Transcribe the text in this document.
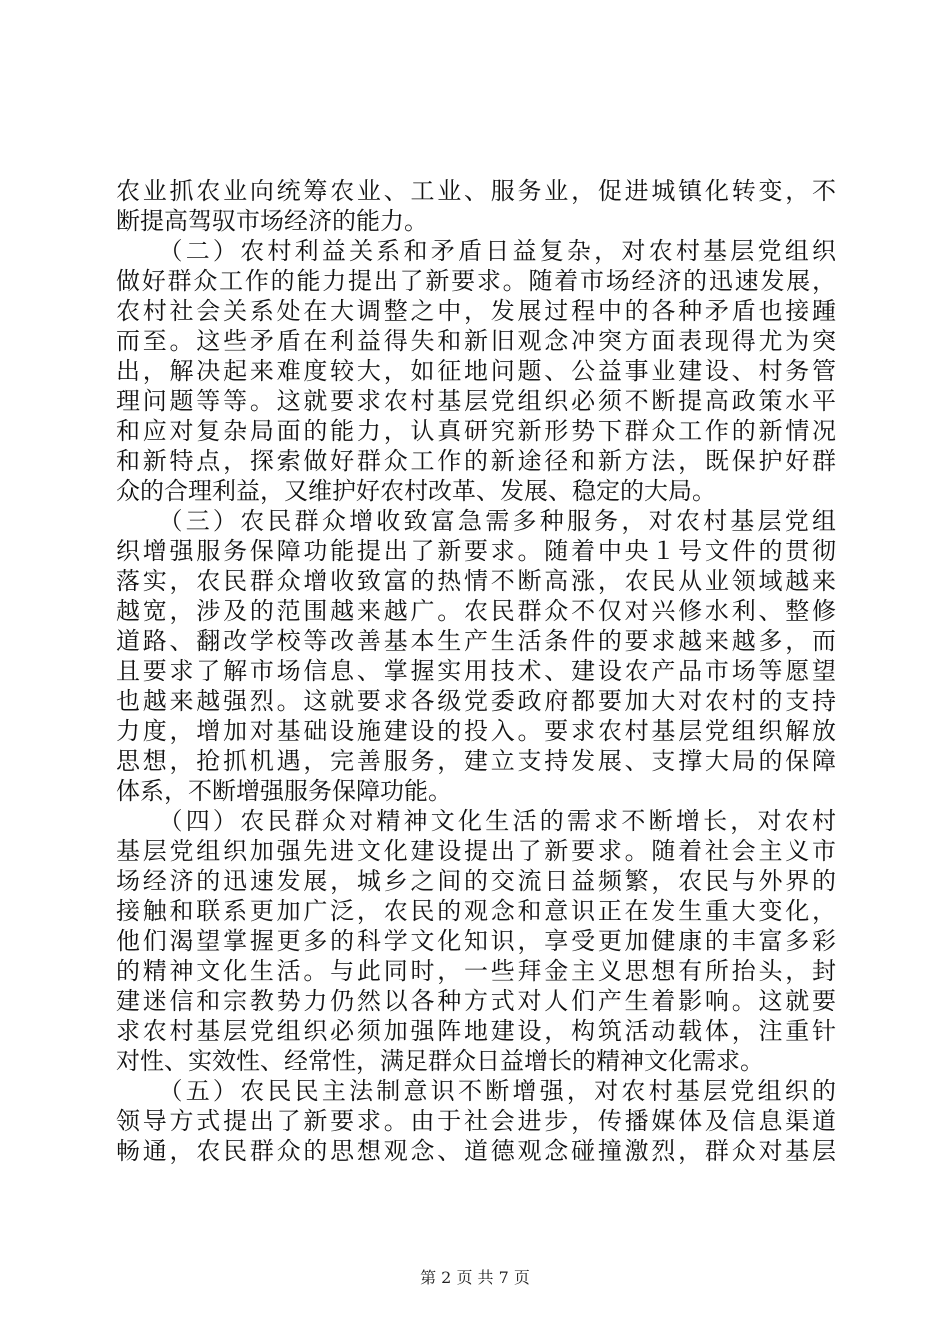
农业抓农业向统筹农业、工业、服务业，促进城镇化转变，不
断提高驾驭市场经济的能力。
　　（二）农村利益关系和矛盾日益复杂，对农村基层党组织
做好群众工作的能力提出了新要求。随着市场经济的迅速发展，
农村社会关系处在大调整之中，发展过程中的各种矛盾也接踵
而至。这些矛盾在利益得失和新旧观念冲突方面表现得尤为突
出，解决起来难度较大，如征地问题、公益事业建设、村务管
理问题等等。这就要求农村基层党组织必须不断提高政策水平
和应对复杂局面的能力，认真研究新形势下群众工作的新情况
和新特点，探索做好群众工作的新途径和新方法，既保护好群
众的合理利益，又维护好农村改革、发展、稳定的大局。
　　（三）农民群众增收致富急需多种服务，对农村基层党组
织增强服务保障功能提出了新要求。随着中央１号文件的贯彻
落实，农民群众增收致富的热情不断高涨，农民从业领域越来
越宽，涉及的范围越来越广。农民群众不仅对兴修水利、整修
道路、翻改学校等改善基本生产生活条件的要求越来越多，而
且要求了解市场信息、掌握实用技术、建设农产品市场等愿望
也越来越强烈。这就要求各级党委政府都要加大对农村的支持
力度，增加对基础设施建设的投入。要求农村基层党组织解放
思想，抢抓机遇，完善服务，建立支持发展、支撑大局的保障
体系，不断增强服务保障功能。
　　（四）农民群众对精神文化生活的需求不断增长，对农村
基层党组织加强先进文化建设提出了新要求。随着社会主义市
场经济的迅速发展，城乡之间的交流日益频繁，农民与外界的
接触和联系更加广泛，农民的观念和意识正在发生重大变化，
他们渴望掌握更多的科学文化知识，享受更加健康的丰富多彩
的精神文化生活。与此同时，一些拜金主义思想有所抬头，封
建迷信和宗教势力仍然以各种方式对人们产生着影响。这就要
求农村基层党组织必须加强阵地建设，构筑活动载体，注重针
对性、实效性、经常性，满足群众日益增长的精神文化需求。
　　（五）农民民主法制意识不断增强，对农村基层党组织的
领导方式提出了新要求。由于社会进步，传播媒体及信息渠道
畅通，农民群众的思想观念、道德观念碰撞激烈，群众对基层
第 2 页 共 7 页
